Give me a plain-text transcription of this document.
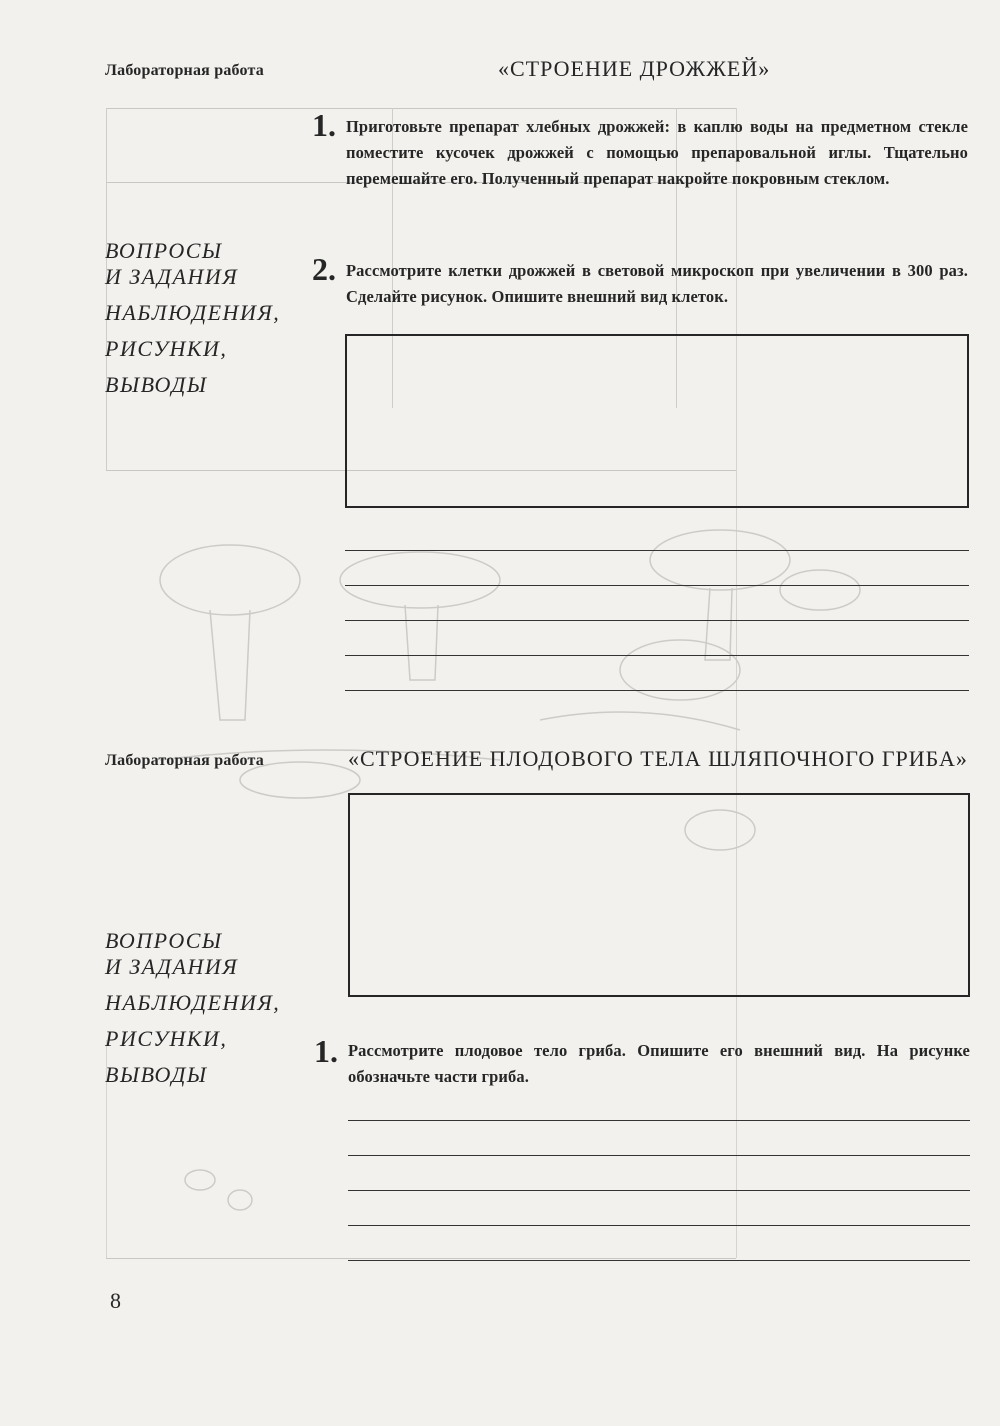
Лабораторная работа	«СТРОЕНИЕ ДРОЖЖЕЙ»
ВОПРОСЫ
И ЗАДАНИЯ
НАБЛЮДЕНИЯ,
РИСУНКИ,
ВЫВОДЫ
1. Приготовьте препарат хлебных дрожжей: в каплю воды на предметном стекле поместите кусочек дрожжей с помощью препаровальной иглы. Тщательно перемешайте его. Полученный препарат накройте покровным стеклом.
2. Рассмотрите клетки дрожжей в световой микроскоп при увеличении в 300 раз. Сделайте рисунок. Опишите внешний вид клеток.
Лабораторная работа	«СТРОЕНИЕ ПЛОДОВОГО ТЕЛА ШЛЯПОЧНОГО ГРИБА»
ВОПРОСЫ
И ЗАДАНИЯ
НАБЛЮДЕНИЯ,
РИСУНКИ,
ВЫВОДЫ
1. Рассмотрите плодовое тело гриба. Опишите его внешний вид. На рисунке обозначьте части гриба.
8
